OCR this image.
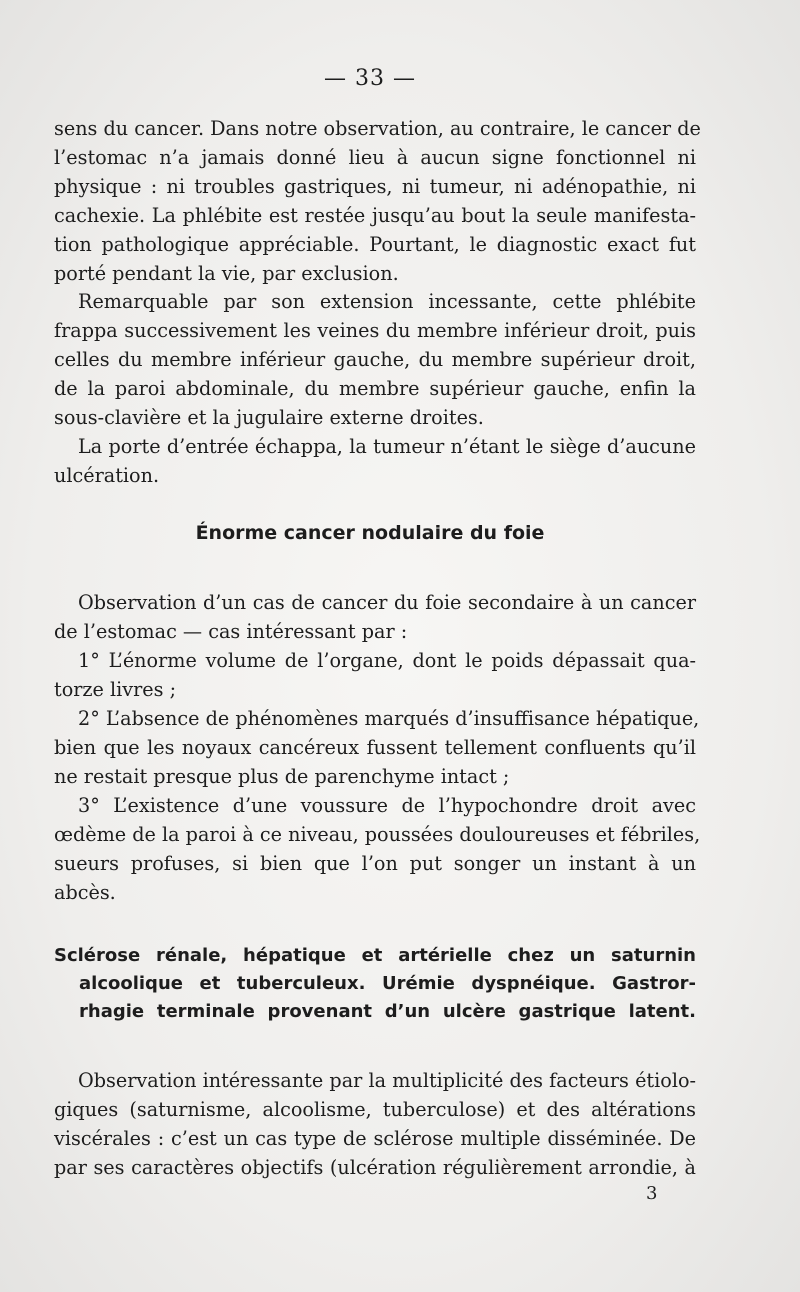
— 33 —
sens du cancer. Dans notre observation, au contraire, le cancer de
l’estomac n’a jamais donné lieu à aucun signe fonctionnel ni
physique : ni troubles gastriques, ni tumeur, ni adénopathie, ni
cachexie. La phlébite est restée jusqu’au bout la seule manifesta-
tion pathologique appréciable. Pourtant, le diagnostic exact fut
porté pendant la vie, par exclusion.
Remarquable par son extension incessante, cette phlébite
frappa successivement les veines du membre inférieur droit, puis
celles du membre inférieur gauche, du membre supérieur droit,
de la paroi abdominale, du membre supérieur gauche, enfin la
sous-clavière et la jugulaire externe droites.
La porte d’entrée échappa, la tumeur n’étant le siège d’aucune
ulcération.
Énorme cancer nodulaire du foie
Observation d’un cas de cancer du foie secondaire à un cancer
de l’estomac — cas intéressant par :
1° L’énorme volume de l’organe, dont le poids dépassait qua-
torze livres ;
2° L’absence de phénomènes marqués d’insuffisance hépatique,
bien que les noyaux cancéreux fussent tellement confluents qu’il
ne restait presque plus de parenchyme intact ;
3° L’existence d’une voussure de l’hypochondre droit avec
œdème de la paroi à ce niveau, poussées douloureuses et fébriles,
sueurs profuses, si bien que l’on put songer un instant à un
abcès.
Sclérose rénale, hépatique et artérielle chez un saturnin
alcoolique et tuberculeux. Urémie dyspnéique. Gastror-
rhagie terminale provenant d’un ulcère gastrique latent.
Observation intéressante par la multiplicité des facteurs étiolo-
giques (saturnisme, alcoolisme, tuberculose) et des altérations
viscérales : c’est un cas type de sclérose multiple disséminée. De
par ses caractères objectifs (ulcération régulièrement arrondie, à
3
